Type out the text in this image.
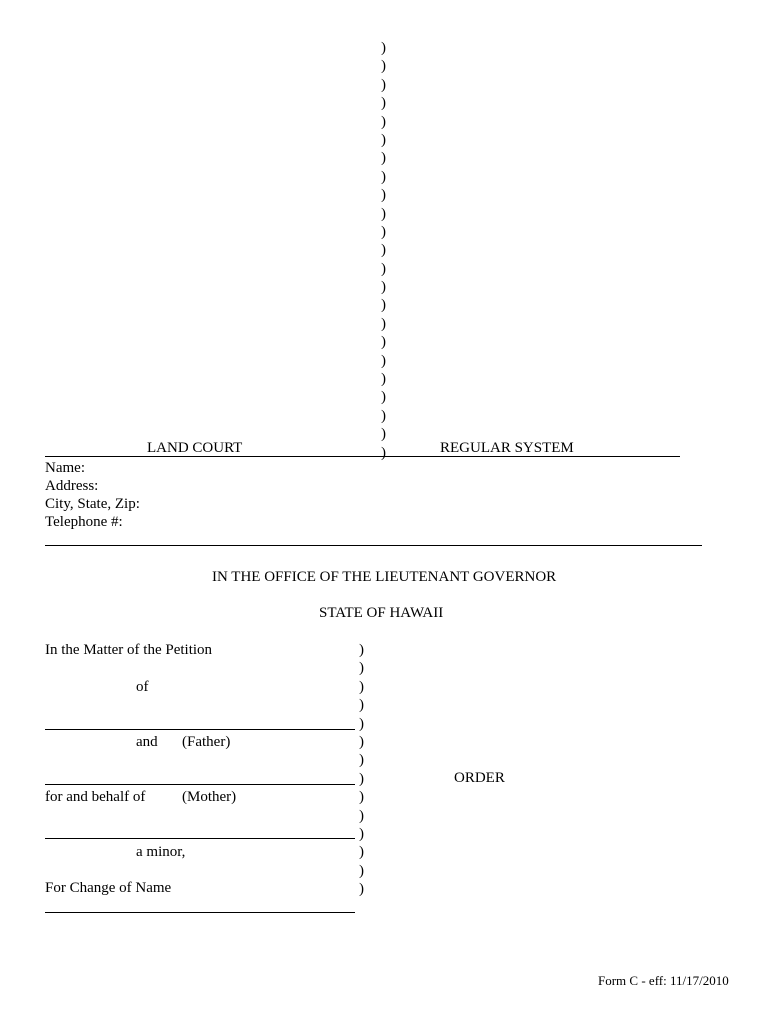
)
)
)
)
)
)
)
)
)
)
)
)
)
)
)
)
)
)
)
)
)
)
)
LAND COURT	REGULAR SYSTEM
Name:
Address:
City, State, Zip:
Telephone #:
IN THE OFFICE OF THE LIEUTENANT GOVERNOR
STATE OF HAWAII
In the Matter of the Petition
of
and (Father)
for and behalf of (Mother)
a minor,
For Change of Name
)
)
)
)
)
)
)
)
)
)
)
)
)
)
ORDER
Form C - eff: 11/17/2010
